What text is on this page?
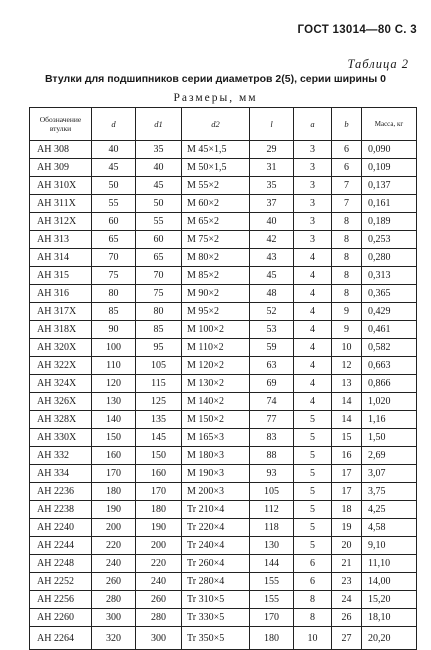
ГОСТ 13014—80 С. 3
Таблица 2
Втулки для подшипников серии диаметров 2(5), серии ширины 0
Размеры, мм
Обозначение втулки	d	d1	d2	l	a	b	Масса, кг
АН 308	40	35	М 45×1,5	29	3	6	0,090
АН 309	45	40	М 50×1,5	31	3	6	0,109
АН 310Х	50	45	М 55×2	35	3	7	0,137
АН 311Х	55	50	М 60×2	37	3	7	0,161
АН 312Х	60	55	М 65×2	40	3	8	0,189
АН 313	65	60	М 75×2	42	3	8	0,253
АН 314	70	65	М 80×2	43	4	8	0,280
АН 315	75	70	М 85×2	45	4	8	0,313
АН 316	80	75	М 90×2	48	4	8	0,365
АН 317Х	85	80	М 95×2	52	4	9	0,429
АН 318Х	90	85	М 100×2	53	4	9	0,461
АН 320Х	100	95	М 110×2	59	4	10	0,582
АН 322Х	110	105	М 120×2	63	4	12	0,663
АН 324Х	120	115	М 130×2	69	4	13	0,866
АН 326Х	130	125	М 140×2	74	4	14	1,020
АН 328Х	140	135	М 150×2	77	5	14	1,16
АН 330Х	150	145	М 165×3	83	5	15	1,50
АН 332	160	150	М 180×3	88	5	16	2,69
АН 334	170	160	М 190×3	93	5	17	3,07
АН 2236	180	170	М 200×3	105	5	17	3,75
АН 2238	190	180	Tr 210×4	112	5	18	4,25
АН 2240	200	190	Tr 220×4	118	5	19	4,58
АН 2244	220	200	Tr 240×4	130	5	20	9,10
АН 2248	240	220	Tr 260×4	144	6	21	11,10
АН 2252	260	240	Tr 280×4	155	6	23	14,00
АН 2256	280	260	Tr 310×5	155	8	24	15,20
АН 2260	300	280	Tr 330×5	170	8	26	18,10
АН 2264	320	300	Tr 350×5	180	10	27	20,20
